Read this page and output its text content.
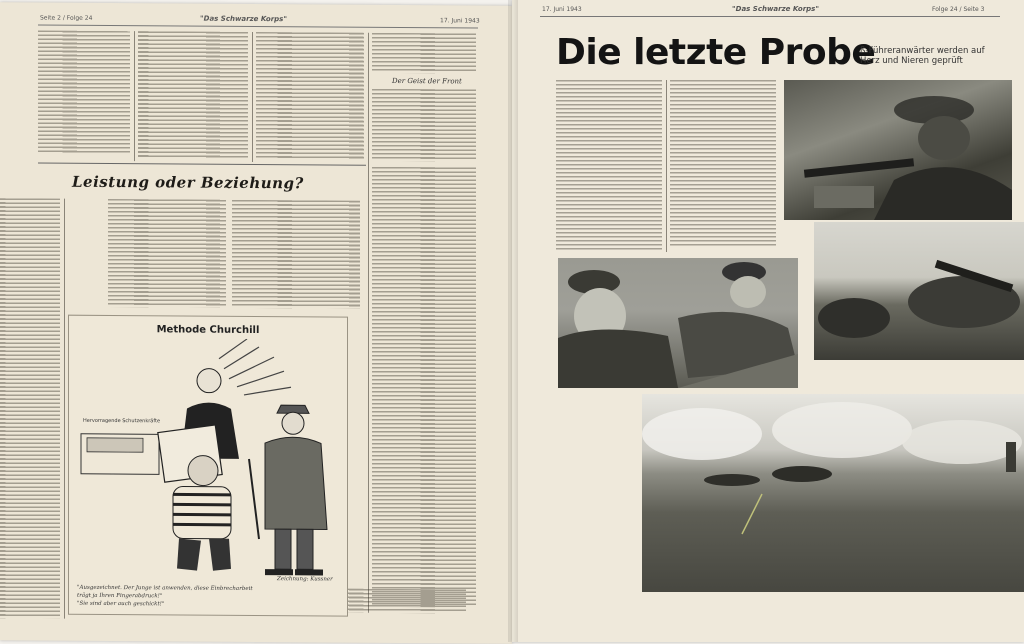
Seite 2 / Folge 24	"Das Schwarze Korps"	17. Juni 1943
Der Geist der Front
Leistung oder Beziehung?
Methode Churchill
Hervorragende Schutzenkräfte
"Ausgezeichnet. Der Junge ist anwenden, diese Einbrecharbeit
trägt ja Ihren Fingerabdruck!"
"Sie sind aber auch geschickt!"
Zeichnung: Kussner
17. Juni 1943	"Das Schwarze Korps"	Folge 24 / Seite 3
Die letzte Probe
ß-Führeranwärter werden auf Herz und Nieren geprüft
